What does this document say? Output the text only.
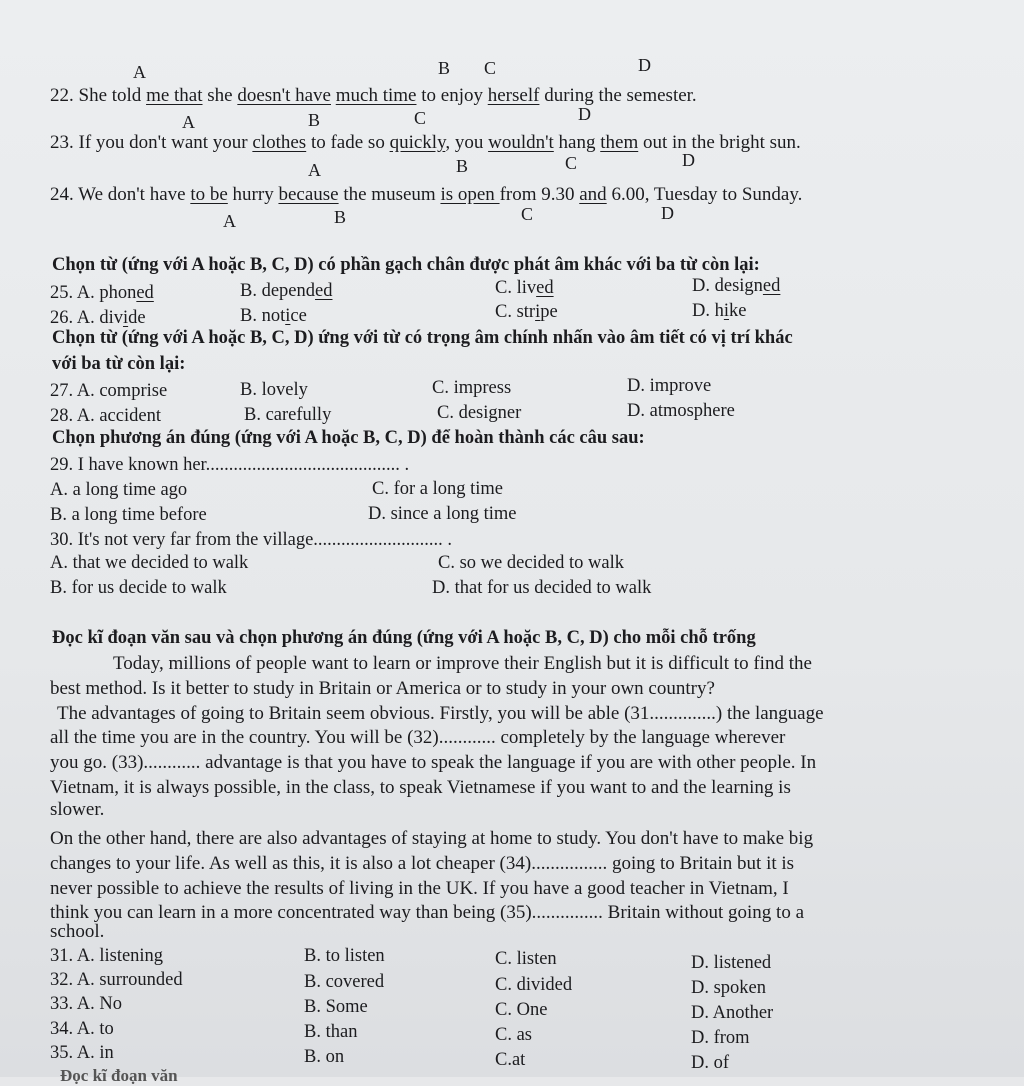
A	B C	D
22. She told me that she doesn't have much time to enjoy herself during the semester.
A	B	C	D
23. If you don't want your clothes to fade so quickly, you wouldn't hang them out in the bright sun.
A	B	C	D
24. We don't have to be hurry because the museum is open from 9.30 and 6.00, Tuesday to Sunday.
A	B	C	D
Chọn từ (ứng với A hoặc B, C, D) có phần gạch chân được phát âm khác với ba từ còn lại:
25. A. phoned	B. depended	C. lived	D. designed
26. A. divide	B. notice	C. stripe	D. hike
Chọn từ (ứng với A hoặc B, C, D) ứng với từ có trọng âm chính nhấn vào âm tiết có vị trí khác
với ba từ còn lại:
27. A. comprise	B. lovely	C. impress	D. improve
28. A. accident	B. carefully	C. designer	D. atmosphere
Chọn phương án đúng (ứng với A hoặc B, C, D) để hoàn thành các câu sau:
29. I have known her.......................................... .
A. a long time ago	C. for a long time
B. a long time before	D. since a long time
30. It's not very far from the village............................ .
A. that we decided to walk	C. so we decided to walk
B. for us decide to walk	D. that for us decided to walk
Đọc kĩ đoạn văn sau và chọn phương án đúng (ứng với A hoặc B, C, D) cho mỗi chỗ trống
Today, millions of people want to learn or improve their English but it is difficult to find the
best method. Is it better to study in Britain or America or to study in your own country?
The advantages of going to Britain seem obvious. Firstly, you will be able (31..............) the language
all the time you are in the country. You will be (32)............ completely by the language wherever
you go. (33)............ advantage is that you have to speak the language if you are with other people. In
Vietnam, it is always possible, in the class, to speak Vietnamese if you want to and the learning is
slower.
On the other hand, there are also advantages of staying at home to study. You don't have to make big
changes to your life. As well as this, it is also a lot cheaper (34)................ going to Britain but it is
never possible to achieve the results of living in the UK. If you have a good teacher in Vietnam, I
think you can learn in a more concentrated way than being (35)............... Britain without going to a
school.
31. A. listening	B. to listen	C. listen	D. listened
32. A. surrounded	B. covered	C. divided	D. spoken
33. A. No	B. Some	C. One	D. Another
34. A. to	B. than	C. as	D. from
35. A. in	B. on	C.at	D. of
Đọc kĩ đoạn văn
